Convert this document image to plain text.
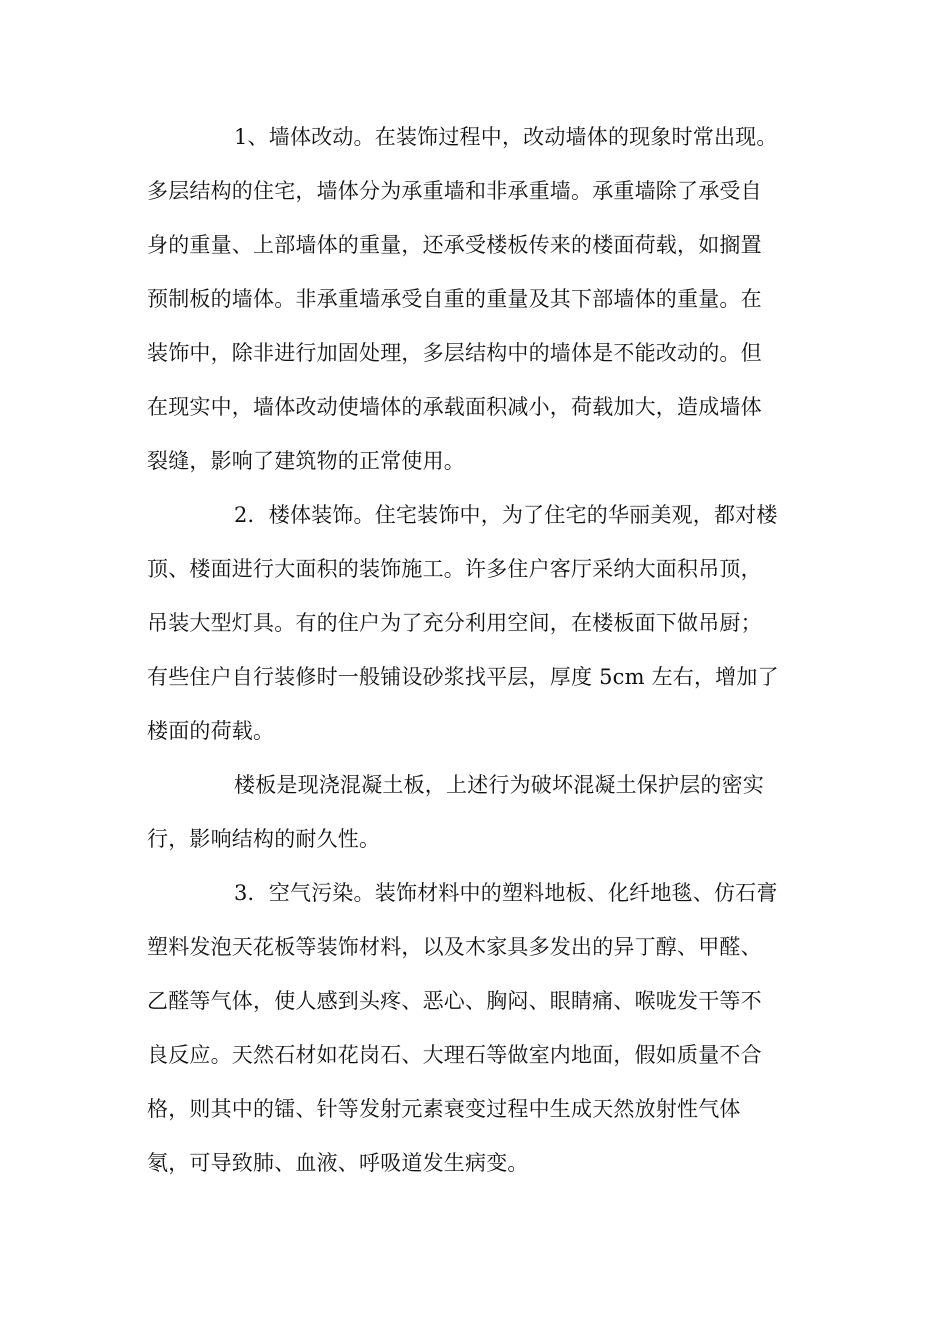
1、墙体改动。在装饰过程中，改动墙体的现象时常出现。

多层结构的住宅，墙体分为承重墙和非承重墙。承重墙除了承受自

身的重量、上部墙体的重量，还承受楼板传来的楼面荷载，如搁置

预制板的墙体。非承重墙承受自重的重量及其下部墙体的重量。在

装饰中，除非进行加固处理，多层结构中的墙体是不能改动的。但

在现实中，墙体改动使墙体的承载面积减小，荷载加大，造成墙体

裂缝，影响了建筑物的正常使用。

2．楼体装饰。住宅装饰中，为了住宅的华丽美观，都对楼

顶、楼面进行大面积的装饰施工。许多住户客厅采纳大面积吊顶，

吊装大型灯具。有的住户为了充分利用空间，在楼板面下做吊厨；

有些住户自行装修时一般铺设砂浆找平层，厚度 5cm 左右，增加了

楼面的荷载。

楼板是现浇混凝土板，上述行为破坏混凝土保护层的密实

行，影响结构的耐久性。

3．空气污染。装饰材料中的塑料地板、化纤地毯、仿石膏

塑料发泡天花板等装饰材料，以及木家具多发出的异丁醇、甲醛、

乙醛等气体，使人感到头疼、恶心、胸闷、眼睛痛、喉咙发干等不

良反应。天然石材如花岗石、大理石等做室内地面，假如质量不合

格，则其中的镭、针等发射元素衰变过程中生成天然放射性气体

氡，可导致肺、血液、呼吸道发生病变。
